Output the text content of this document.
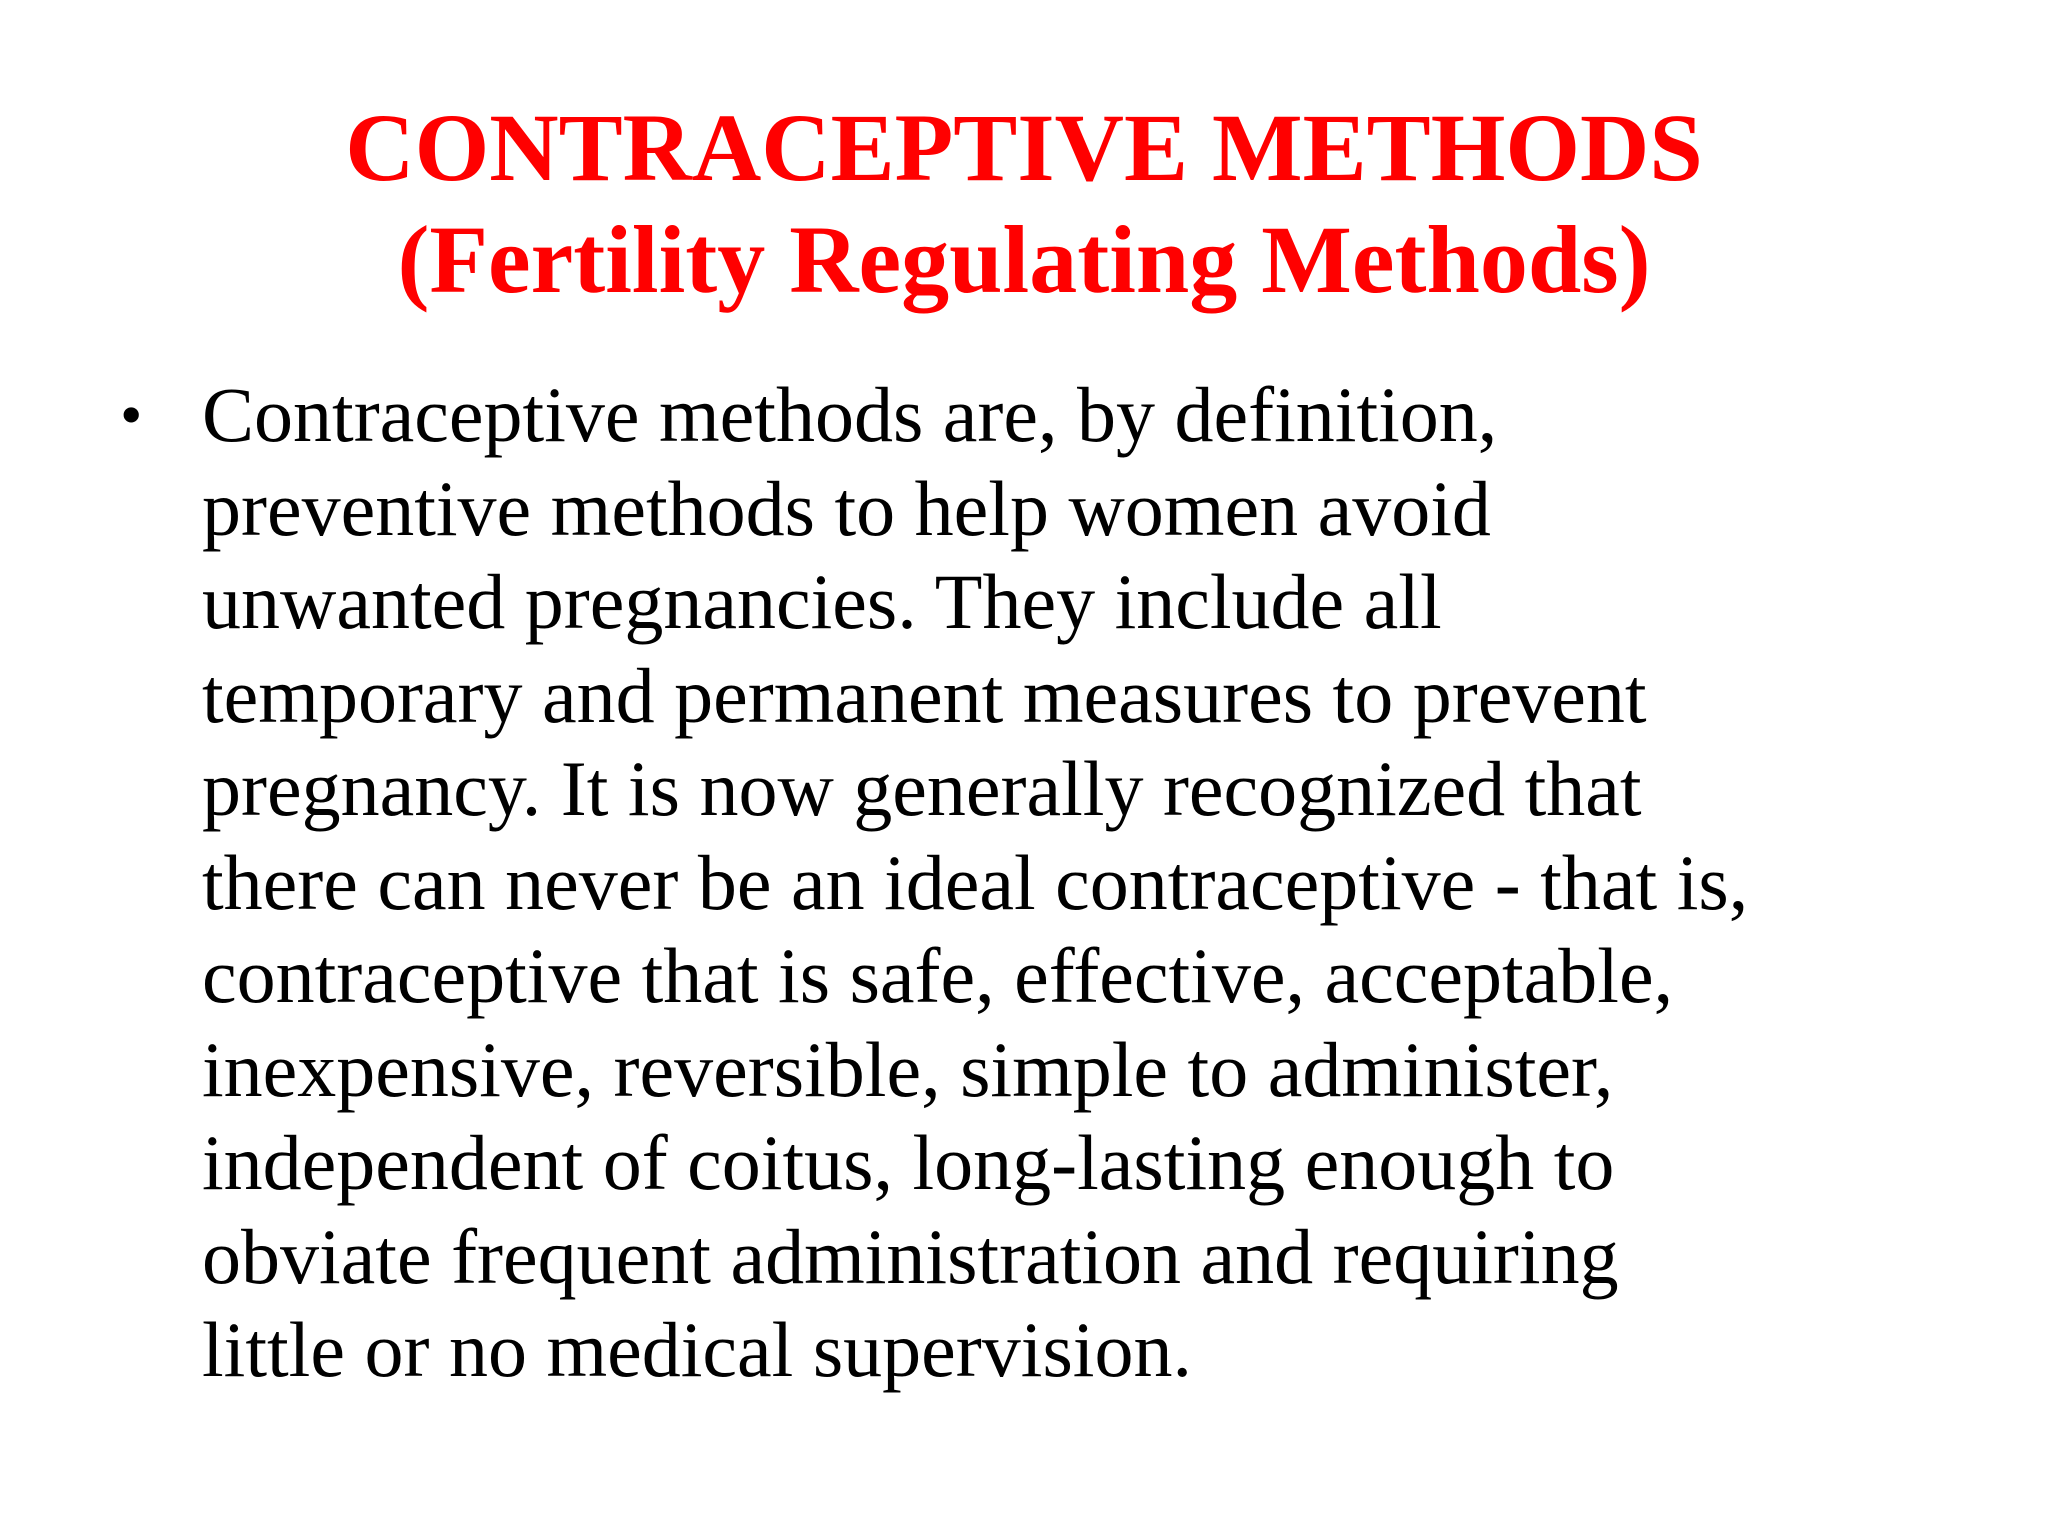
CONTRACEPTIVE METHODS
(Fertility Regulating Methods)
• Contraceptive methods are, by definition,
preventive methods to help women avoid
unwanted pregnancies. They include all
temporary and permanent measures to prevent
pregnancy. It is now generally recognized that
there can never be an ideal contraceptive - that is,
contraceptive that is safe, effective, acceptable,
inexpensive, reversible, simple to administer,
independent of coitus, long-lasting enough to
obviate frequent administration and requiring
little or no medical supervision.
